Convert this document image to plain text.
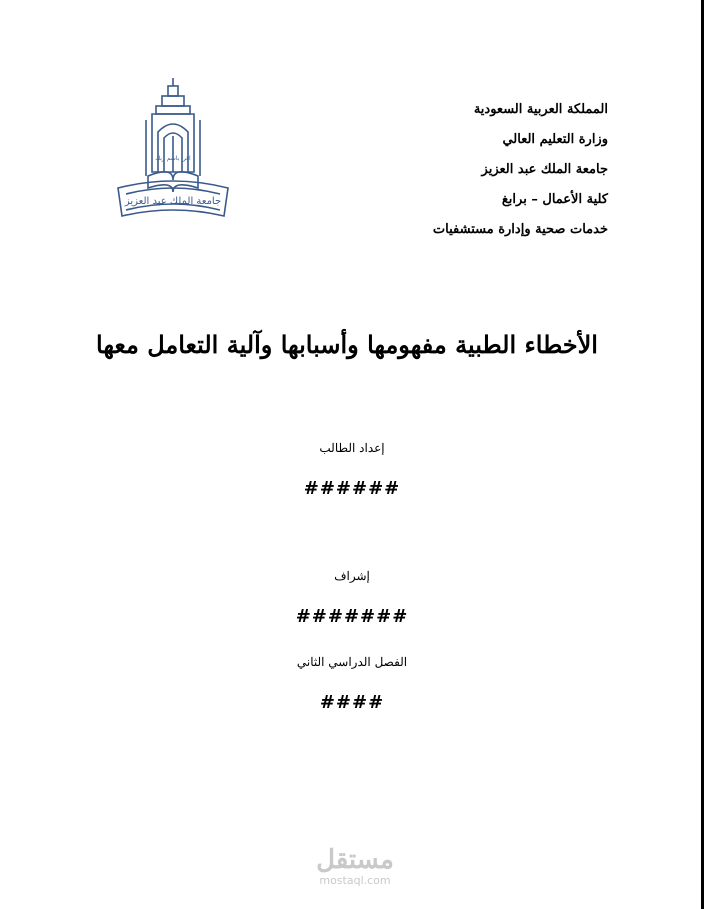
جامعة الملك عبد العزيز
اقرأ باسم ربك
المملكة العربية السعودية
وزارة التعليم العالي
جامعة الملك عبد العزيز
كلية الأعمال – برابغ
خدمات صحية وإدارة مستشفيات
الأخطاء الطبية مفهومها وأسبابها وآلية التعامل معها
إعداد الطالب
######
إشراف
#######
الفصل الدراسي الثاني
####
مستقل
mostaql.com
